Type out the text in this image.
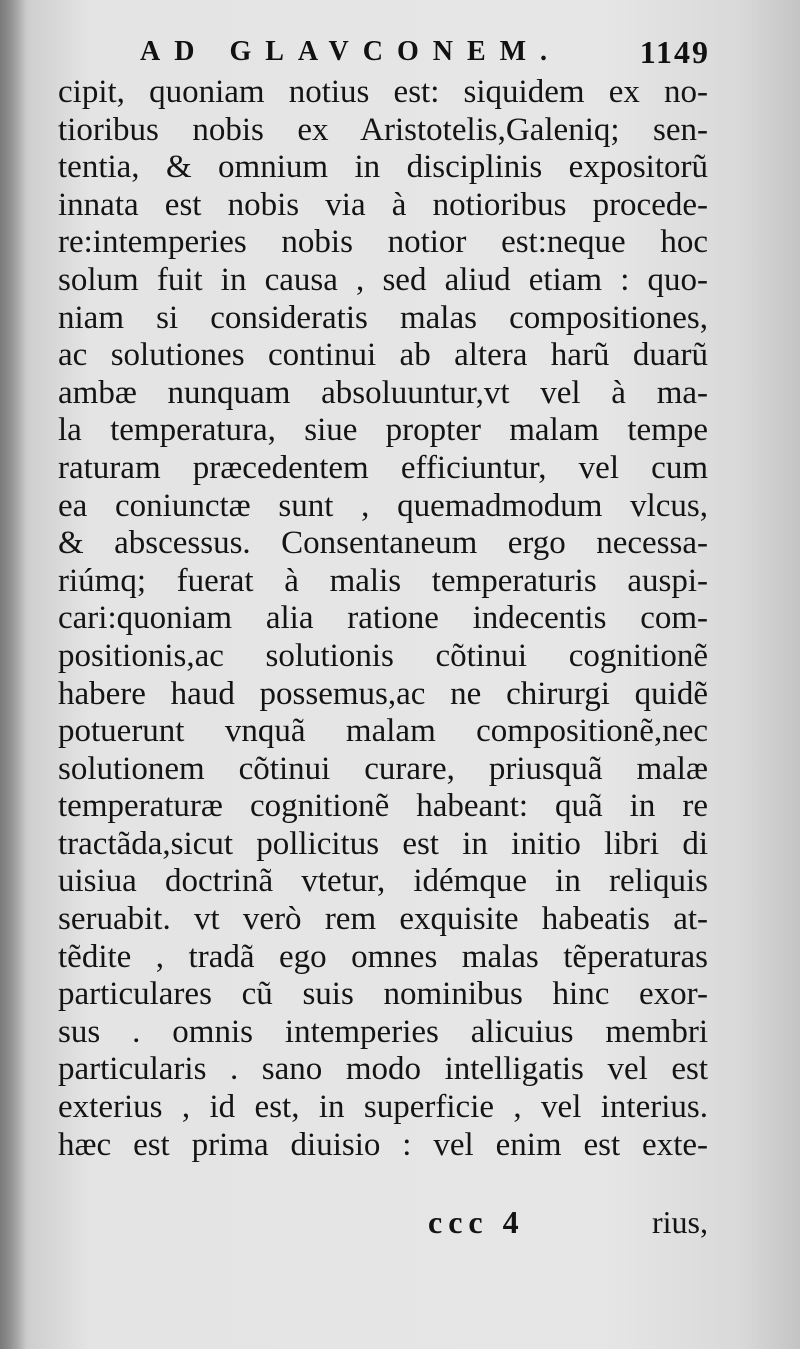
AD GLAVCONEM. 1149
cipit, quoniam notius est: siquidem ex no-
tioribus nobis ex Aristotelis,Galeniq; sen-
tentia, & omnium in disciplinis expositorũ
innata est nobis via à notioribus procede-
re:intemperies nobis notior est:neque hoc
solum fuit in causa , sed aliud etiam : quo-
niam si consideratis malas compositiones,
ac solutiones continui ab altera harũ duarũ
ambæ nunquam absoluuntur,vt vel à ma-
la temperatura, siue propter malam tempe
raturam præcedentem efficiuntur, vel cum
ea coniunctæ sunt , quemadmodum vlcus,
& abscessus. Consentaneum ergo necessa-
riúmq; fuerat à malis temperaturis auspi-
cari:quoniam alia ratione indecentis com-
positionis,ac solutionis cõtinui cognitionẽ
habere haud possemus,ac ne chirurgi quidẽ
potuerunt vnquã malam compositionẽ,nec
solutionem cõtinui curare, priusquã malæ
temperaturæ cognitionẽ habeant: quã in re
tractãda,sicut pollicitus est in initio libri di
uisiua doctrinã vtetur, idémque in reliquis
seruabit. vt verò rem exquisite habeatis at-
tẽdite , tradã ego omnes malas tẽperaturas
particulares cũ suis nominibus hinc exor-
sus . omnis intemperies alicuius membri
particularis . sano modo intelligatis vel est
exterius , id est, in superficie , vel interius.
hæc est prima diuisio : vel enim est exte-
ccc 4	rius,
